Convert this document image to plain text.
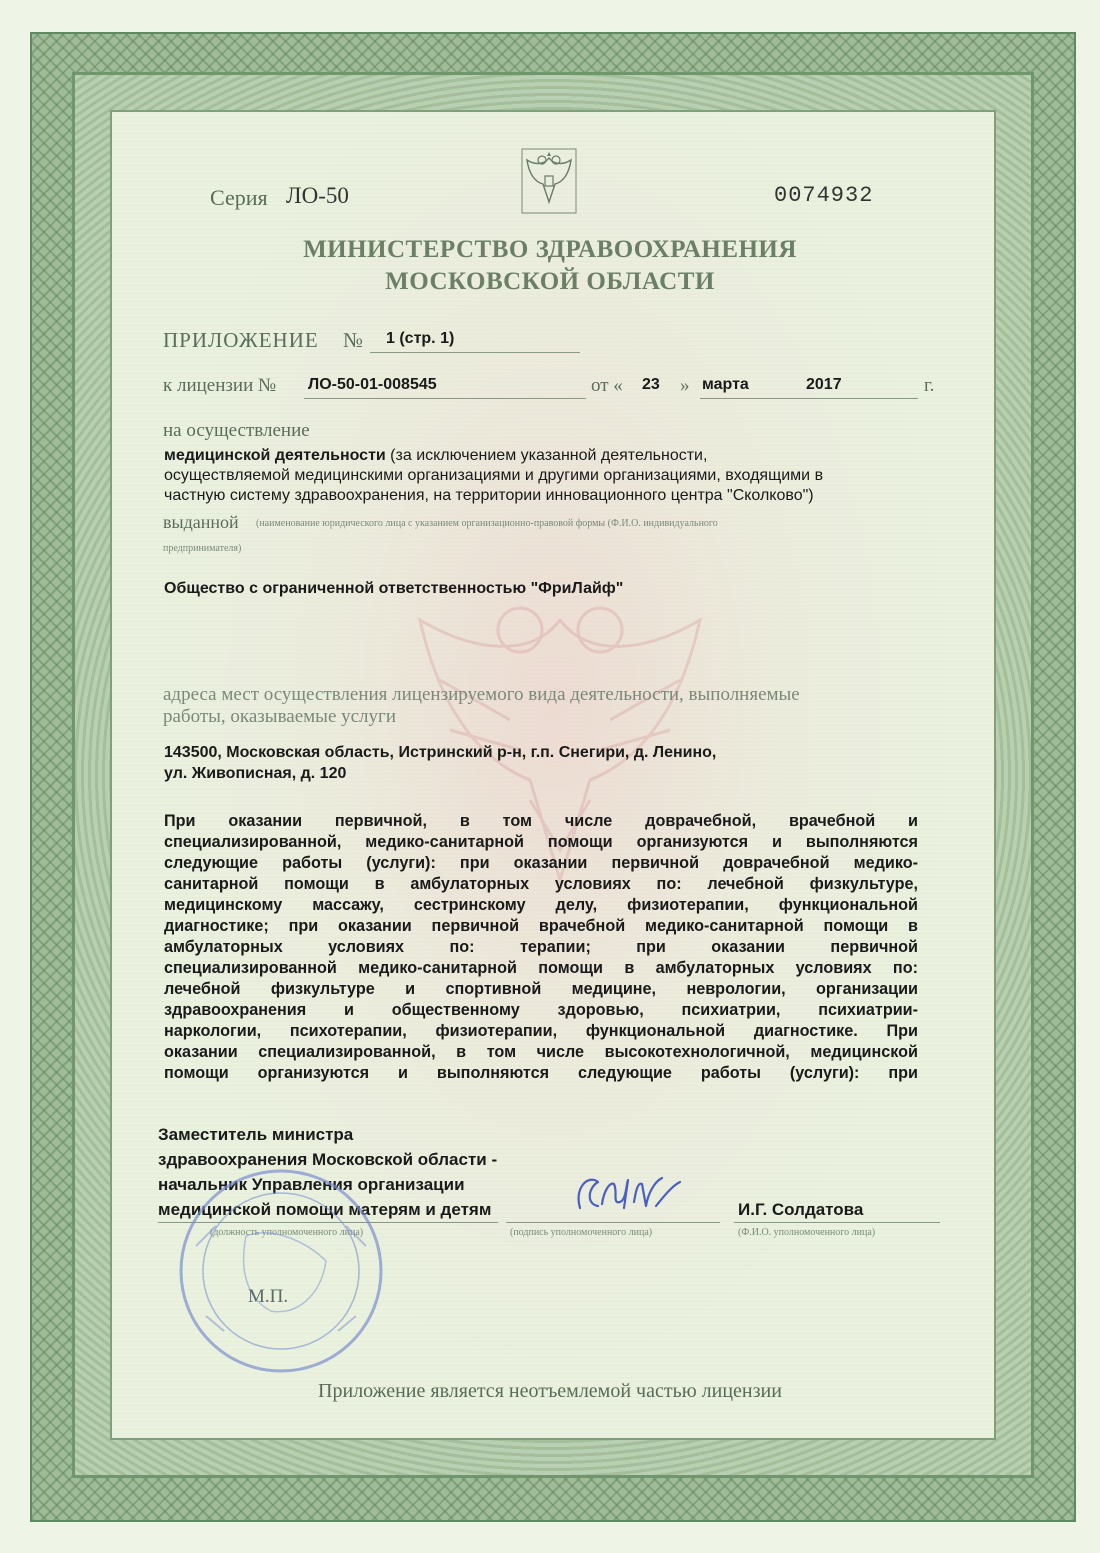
Серия ЛО-50	0074932
МИНИСТЕРСТВО ЗДРАВООХРАНЕНИЯ
МОСКОВСКОЙ ОБЛАСТИ
ПРИЛОЖЕНИЕ № 1 (стр. 1)
к лицензии № ЛО-50-01-008545	от « 23 » марта	2017	г.
на осуществление
медицинской деятельности (за исключением указанной деятельности,
осуществляемой медицинскими организациями и другими организациями, входящими в
частную систему здравоохранения, на территории инновационного центра "Сколково")
выданной (наименование юридического лица с указанием организационно-правовой формы (Ф.И.О. индивидуального
предпринимателя)
Общество с ограниченной ответственностью "ФриЛайф"
адреса мест осуществления лицензируемого вида деятельности, выполняемые
работы, оказываемые услуги
143500, Московская область, Истринский р-н, г.п. Снегири, д. Ленино,
ул. Живописная, д. 120
При оказании первичной, в том числе доврачебной, врачебной и
специализированной, медико-санитарной помощи организуются и выполняются
следующие работы (услуги): при оказании первичной доврачебной медико-
санитарной помощи в амбулаторных условиях по: лечебной физкультуре,
медицинскому массажу, сестринскому делу, физиотерапии, функциональной
диагностике; при оказании первичной врачебной медико-санитарной помощи в
амбулаторных условиях по: терапии; при оказании первичной
специализированной медико-санитарной помощи в амбулаторных условиях по:
лечебной физкультуре и спортивной медицине, неврологии, организации
здравоохранения и общественному здоровью, психиатрии, психиатрии-
наркологии, психотерапии, физиотерапии, функциональной диагностике. При
оказании специализированной, в том числе высокотехнологичной, медицинской
помощи организуются и выполняются следующие работы (услуги): при
Заместитель министра
здравоохранения Московской области -
начальник Управления организации
медицинской помощи матерям и детям	И.Г. Солдатова
(должность уполномоченного лица)	(подпись уполномоченного лица)	(Ф.И.О. уполномоченного лица)
М.П.
Приложение является неотъемлемой частью лицензии
